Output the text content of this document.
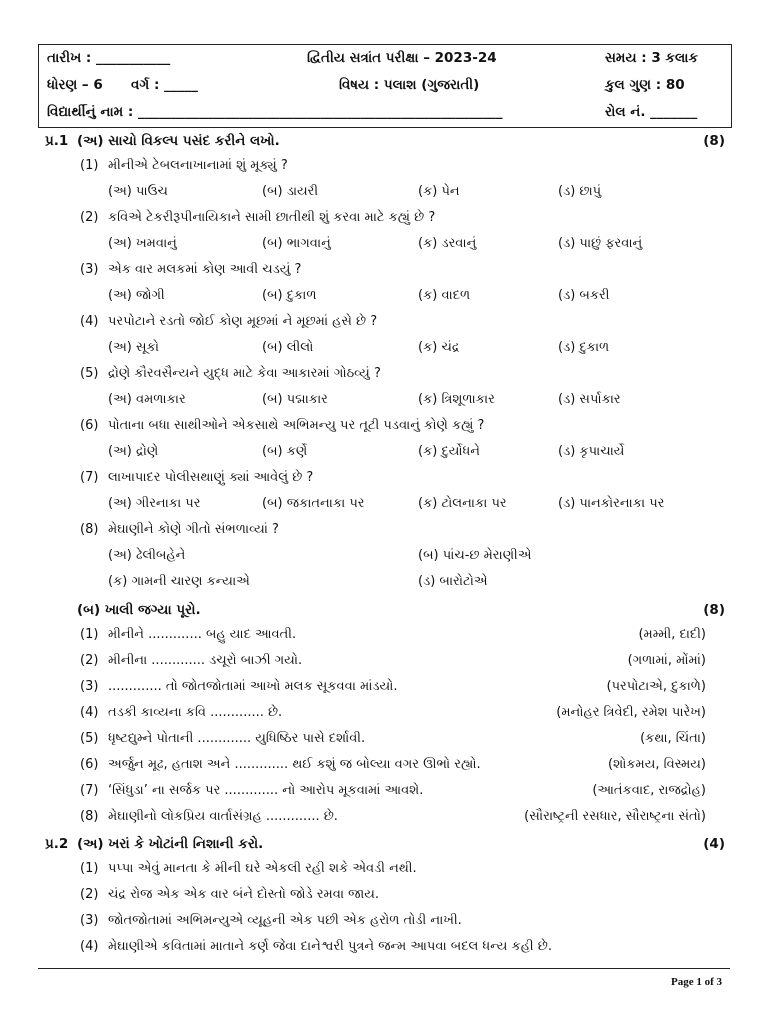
તારીખ : ___________	દ્વિતીય સત્રાંત પરીક્ષા – 2023-24	સમય : 3 કલાક
ધોરણ – 6 વર્ગ : _____	વિષય : પલાશ (ગુજરાતી)	કુલ ગુણ : 80
વિદ્યાર્થીનું નામ : ______________________________________________________	રોલ નં. _______
પ્ર.1 (અ) સાચો વિકલ્પ પસંદ કરીને લખો.	(8)
(1) મીનીએ ટેબલનાખાનામાં શું મૂક્યું ?
(અ) પાઉચ	(બ) ડાયરી	(ક) પેન	(ડ) છાપું
(2) કવિએ ટેકરીરૂપીનાયિકાને સામી છાતીથી શું કરવા માટે કહ્યું છે ?
(અ) ખમવાનું	(બ) ભાગવાનું	(ક) ડરવાનું	(ડ) પાછું ફરવાનું
(3) એક વાર મલકમાં કોણ આવી ચડયું ?
(અ) જોગી	(બ) દુકાળ	(ક) વાદળ	(ડ) બકરી
(4) પરપોટાને રડતો જોઈ કોણ મૂછમાં ને મૂછમાં હસે છે ?
(અ) સૂકો	(બ) લીલો	(ક) ચંદ્ર	(ડ) દુકાળ
(5) દ્રોણે કૌરવસૈન્યને યુદ્ધ માટે કેવા આકારમાં ગોઠવ્યું ?
(અ) વમળાકાર	(બ) પદ્માકાર	(ક) ત્રિશૂળાકાર	(ડ) સર્પાકાર
(6) પોતાના બધા સાથીઓને એકસાથે અભિમન્યુ પર તૂટી પડવાનું કોણે કહ્યું ?
(અ) દ્રોણે	(બ) કર્ણે	(ક) દુર્યોધને	(ડ) કૃપાચાર્યે
(7) લાખાપાદર પોલીસથાણું ક્યાં આવેલું છે ?
(અ) ગીરનાકા પર	(બ) જકાતનાકા પર	(ક) ટોલનાકા પર	(ડ) પાનકોરનાકા પર
(8) મેઘાણીને કોણે ગીતો સંભળાવ્યાં ?
(અ) ઢેલીબહેને	(બ) પાંચ-છ મેરાણીએ
(ક) ગામની ચારણ કન્યાએ	(ડ) બારોટોએ
(બ) ખાલી જગ્યા પૂરો.	(8)
(1) મીનીને ............. બહુ યાદ આવતી.	(મમ્મી, દાદી)
(2) મીનીના ............. ડચૂરો બાઝી ગયો.	(ગળામાં, મોંમાં)
(3) ............. તો જોતજોતામાં આખો મલક સૂકવવા માંડયો.	(પરપોટાએ, દુકાળે)
(4) તડકી કાવ્યના કવિ ............. છે.	(મનોહર ત્રિવેદી, રમેશ પારેખ)
(5) ધૃષ્ટદ્યુમ્ને પોતાની ............. યુધિષ્ઠિર પાસે દર્શાવી.	(કથા, ચિંતા)
(6) અર્જુન મૂઢ, હતાશ અને ............. થઈ કશું જ બોલ્યા વગર ઊભો રહ્યો.	(શોકમય, વિસ્મય)
(7) ‘સિંધુડા’ ના સર્જક પર ............. નો આરોપ મૂકવામાં આવશે.	(આતંકવાદ, રાજદ્રોહ)
(8) મેઘાણીનો લોકપ્રિય વાર્તાસંગ્રહ ............. છે.	(સૌરાષ્ટ્રની રસધાર, સૌરાષ્ટ્રના સંતો)
પ્ર.2 (અ) ખરાં કે ખોટાંની નિશાની કરો.	(4)
(1) પપ્પા એવું માનતા કે મીની ઘરે એકલી રહી શકે એવડી નથી.
(2) ચંદ્ર રોજ એક એક વાર બંને દોસ્તો જોડે રમવા જાય.
(3) જોતજોતામાં અભિમન્યુએ વ્યૂહની એક પછી એક હરોળ તોડી નાખી.
(4) મેઘાણીએ કવિતામાં માતાને કર્ણ જેવા દાનેશ્વરી પુત્રને જન્મ આપવા બદલ ધન્ય કહી છે.
Page 1 of 3
